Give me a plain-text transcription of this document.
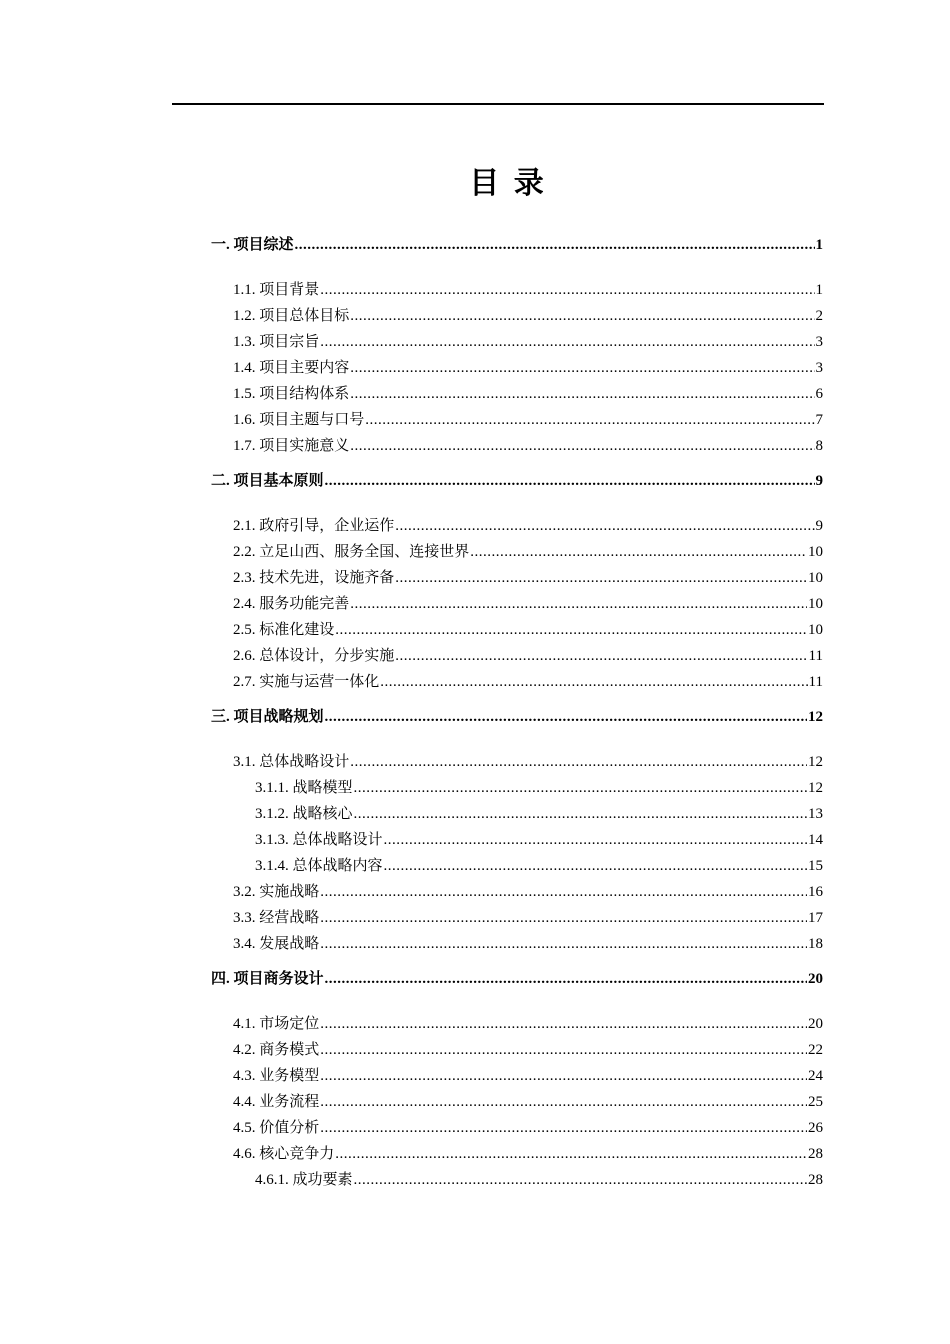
目 录
一. 项目综述 .....	1
1.1. 项目背景 .....	1
1.2. 项目总体目标 .....	2
1.3. 项目宗旨 .....	3
1.4. 项目主要内容 .....	3
1.5. 项目结构体系 .....	6
1.6. 项目主题与口号 .....	7
1.7. 项目实施意义 .....	8
二. 项目基本原则 .....	9
2.1. 政府引导，企业运作 .....	9
2.2. 立足山西、服务全国、连接世界 .....	10
2.3. 技术先进，设施齐备 .....	10
2.4. 服务功能完善 .....	10
2.5. 标准化建设 .....	10
2.6. 总体设计，分步实施 .....	11
2.7. 实施与运营一体化 .....	11
三. 项目战略规划 .....	12
3.1. 总体战略设计 .....	12
3.1.1. 战略模型 .....	12
3.1.2. 战略核心 .....	13
3.1.3. 总体战略设计 .....	14
3.1.4. 总体战略内容 .....	15
3.2. 实施战略 .....	16
3.3. 经营战略 .....	17
3.4. 发展战略 .....	18
四. 项目商务设计 .....	20
4.1. 市场定位 .....	20
4.2. 商务模式 .....	22
4.3. 业务模型 .....	24
4.4. 业务流程 .....	25
4.5. 价值分析 .....	26
4.6. 核心竞争力 .....	28
4.6.1. 成功要素 .....	28
